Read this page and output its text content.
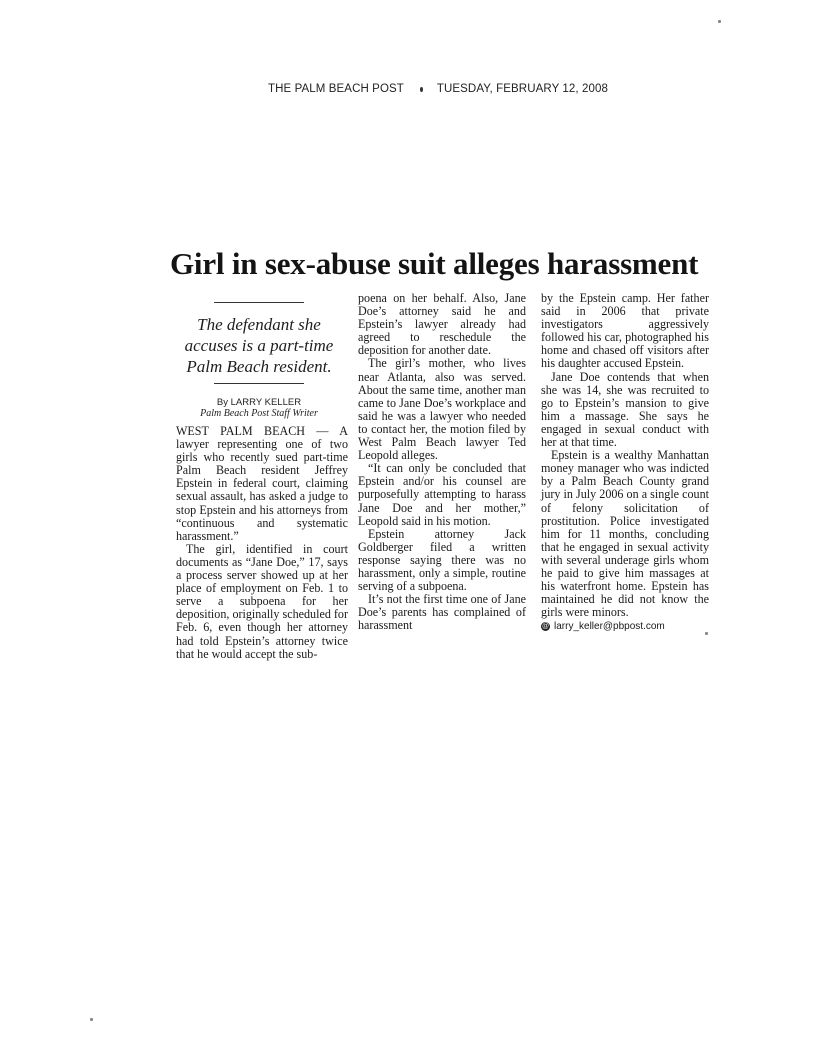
THE PALM BEACH POST	TUESDAY, FEBRUARY 12, 2008
Girl in sex-abuse suit alleges harassment
The defendant she accuses is a part-time Palm Beach resident.
By LARRY KELLER
Palm Beach Post Staff Writer

WEST PALM BEACH — A lawyer representing one of two girls who recently sued part-time Palm Beach resident Jeffrey Epstein in federal court, claiming sexual assault, has asked a judge to stop Epstein and his attorneys from “continuous and systematic harassment.”

The girl, identified in court documents as “Jane Doe,” 17, says a process server showed up at her place of employment on Feb. 1 to serve a subpoena for her deposition, originally scheduled for Feb. 6, even though her attorney had told Epstein’s attorney twice that he would accept the sub-

poena on her behalf. Also, Jane Doe’s attorney said he and Epstein’s lawyer already had agreed to reschedule the deposition for another date.

The girl’s mother, who lives near Atlanta, also was served. About the same time, another man came to Jane Doe’s workplace and said he was a lawyer who needed to contact her, the motion filed by West Palm Beach lawyer Ted Leopold alleges.

“It can only be concluded that Epstein and/or his counsel are purposefully attempting to harass Jane Doe and her mother,” Leopold said in his motion.

Epstein attorney Jack Goldberger filed a written response saying there was no harassment, only a simple, routine serving of a subpoena.

It’s not the first time one of Jane Doe’s parents has complained of harassment

by the Epstein camp. Her father said in 2006 that private investigators aggressively followed his car, photographed his home and chased off visitors after his daughter accused Epstein.

Jane Doe contends that when she was 14, she was recruited to go to Epstein’s mansion to give him a massage. She says he engaged in sexual conduct with her at that time.

Epstein is a wealthy Manhattan money manager who was indicted by a Palm Beach County grand jury in July 2006 on a single count of felony solicitation of prostitution. Police investigated him for 11 months, concluding that he engaged in sexual activity with several underage girls whom he paid to give him massages at his waterfront home. Epstein has maintained he did not know the girls were minors.

@ larry_keller@pbpost.com
